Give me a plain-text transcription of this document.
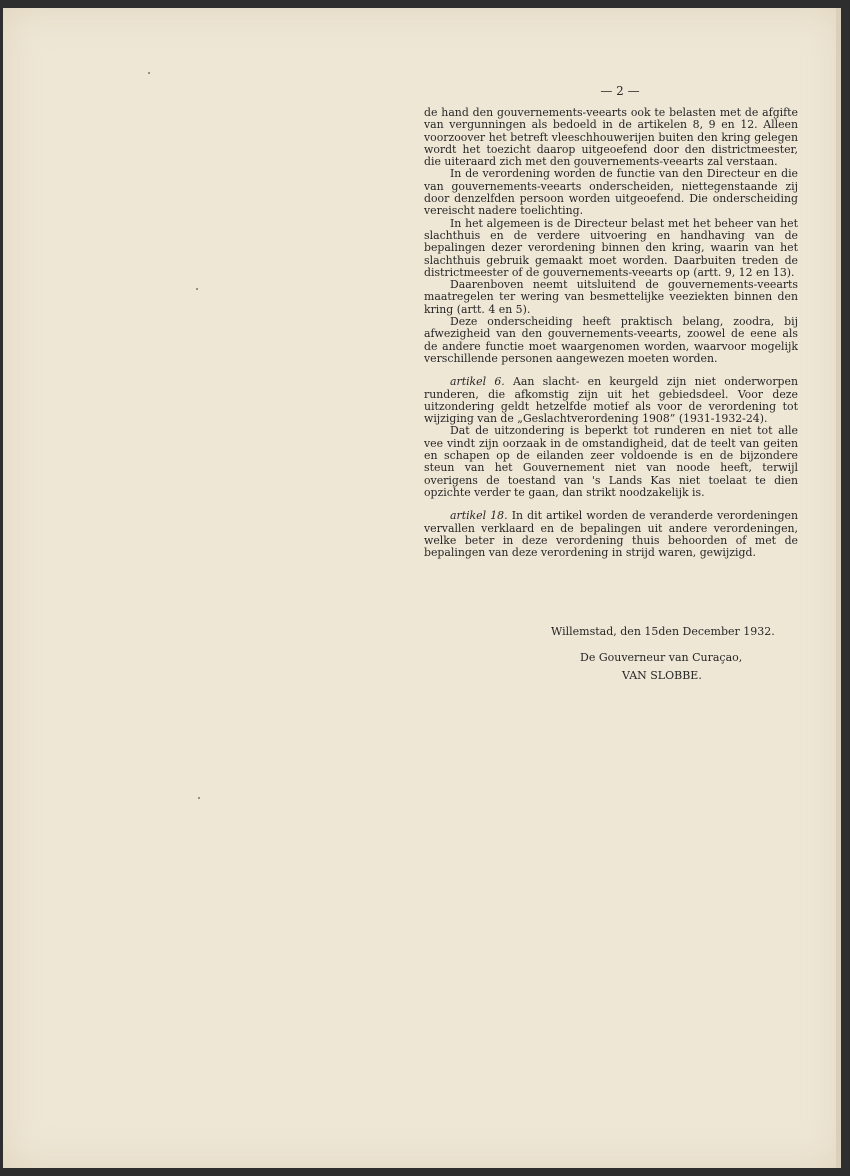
— 2 —

de hand den gouvernements-veearts ook te belasten met de afgifte van vergunningen als bedoeld in de artikelen 8, 9 en 12. Alleen voorzoover het betreft vleeschhouwerijen buiten den kring gelegen wordt het toezicht daarop uitgeoefend door den districtmeester, die uiteraard zich met den gouvernements-veearts zal verstaan.

In de verordening worden de functie van den Directeur en die van gouvernements-veearts onderscheiden, niettegenstaande zij door denzelfden persoon worden uitgeoefend. Die onderscheiding vereischt nadere toelichting.

In het algemeen is de Directeur belast met het beheer van het slachthuis en de verdere uitvoering en handhaving van de bepalingen dezer verordening binnen den kring, waarin van het slachthuis gebruik gemaakt moet worden. Daarbuiten treden de districtmeester of de gouvernements-veearts op (artt. 9, 12 en 13).

Daarenboven neemt uitsluitend de gouvernements-veearts maatregelen ter wering van besmettelijke veeziekten binnen den kring (artt. 4 en 5).

Deze onderscheiding heeft praktisch belang, zoodra, bij afwezigheid van den gouvernements-veearts, zoowel de eene als de andere functie moet waargenomen worden, waarvoor mogelijk verschillende personen aangewezen moeten worden.

artikel 6. Aan slacht- en keurgeld zijn niet onderworpen runderen, die afkomstig zijn uit het gebiedsdeel. Voor deze uitzondering geldt hetzelfde motief als voor de verordening tot wijziging van de „Geslachtverordening 1908” (1931-1932-24).

Dat de uitzondering is beperkt tot runderen en niet tot alle vee vindt zijn oorzaak in de omstandigheid, dat de teelt van geiten en schapen op de eilanden zeer voldoende is en de bijzondere steun van het Gouvernement niet van noode heeft, terwijl overigens de toestand van 's Lands Kas niet toelaat te dien opzichte verder te gaan, dan strikt noodzakelijk is.

artikel 18. In dit artikel worden de veranderde verordeningen vervallen verklaard en de bepalingen uit andere verordeningen, welke beter in deze verordening thuis behoorden of met de bepalingen van deze verordening in strijd waren, gewijzigd.

Willemstad, den 15den December 1932.
De Gouverneur van Curaçao,
VAN SLOBBE.
